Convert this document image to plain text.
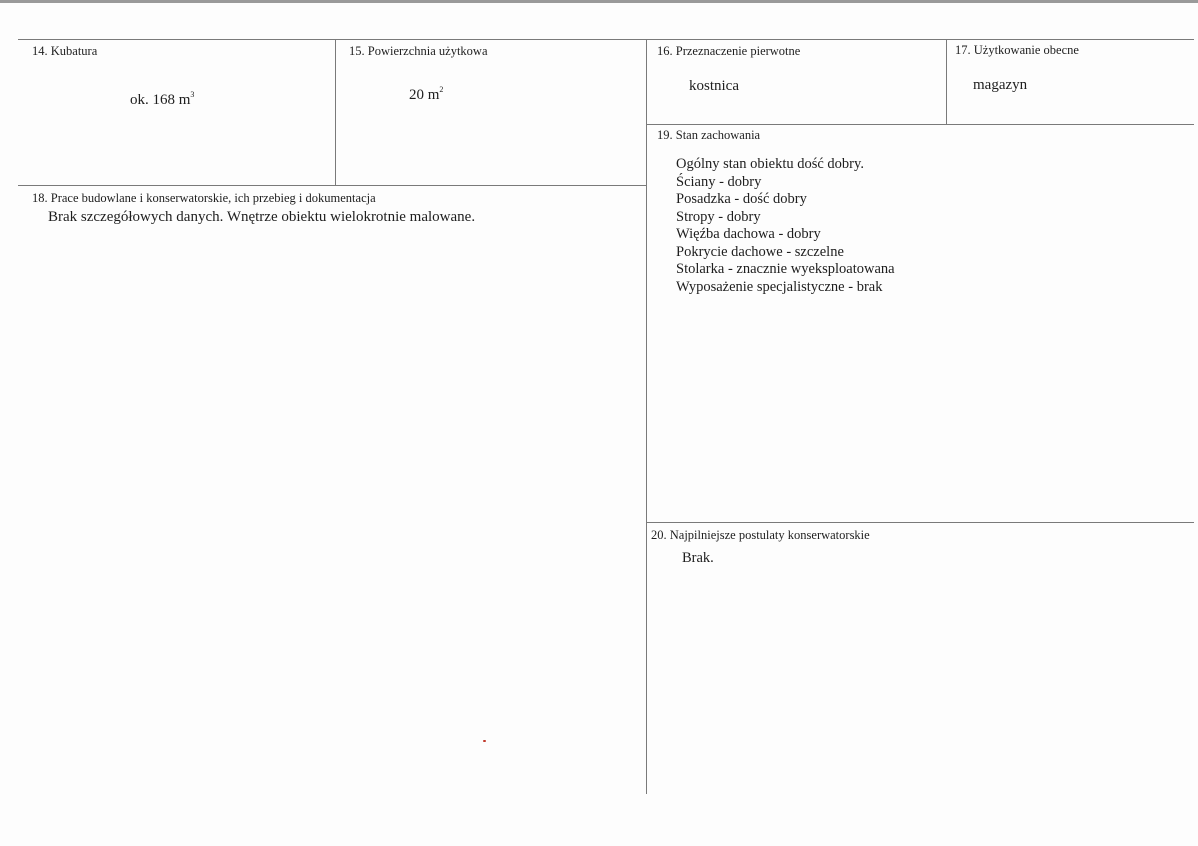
14. Kubatura
ok. 168 $m^3$
15. Powierzchnia użytkowa
20 $m^2$
16. Przeznaczenie pierwotne
kostnica
17. Użytkowanie obecne
magazyn
18. Prace budowlane i konserwatorskie, ich przebieg i dokumentacja
Brak szczegółowych danych. Wnętrze obiektu wielokrotnie malowane.
19. Stan zachowania
Ogólny stan obiektu dość dobry.
Ściany - dobry
Posadzka - dość dobry
Stropy - dobry
Więźba dachowa - dobry
Pokrycie dachowe - szczelne
Stolarka - znacznie wyeksploatowana
Wyposażenie specjalistyczne - brak
20. Najpilniejsze postulaty konserwatorskie
Brak.
